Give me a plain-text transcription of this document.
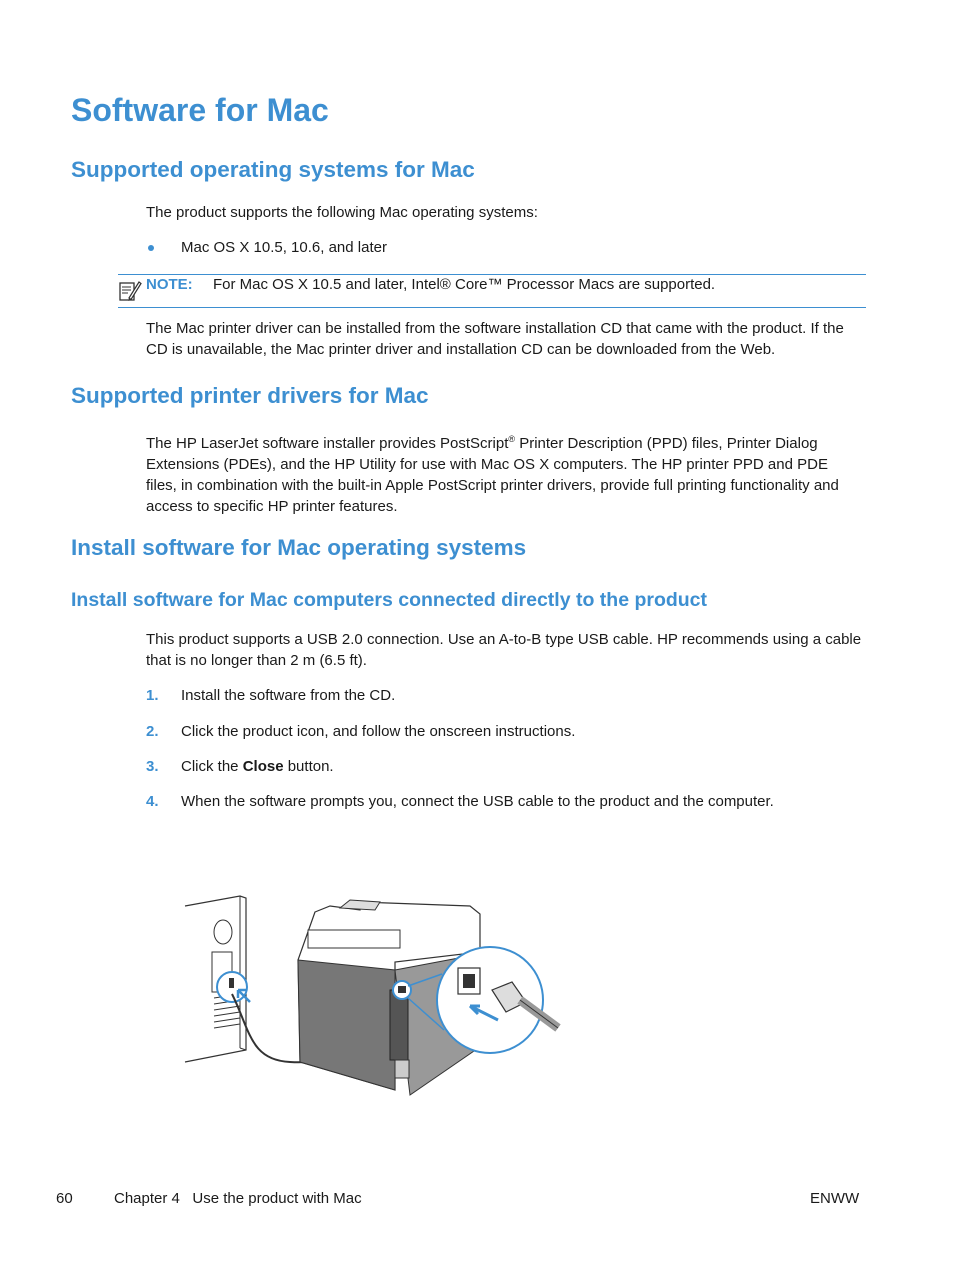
Software for Mac
Supported operating systems for Mac

The product supports the following Mac operating systems:

Mac OS X 10.5, 10.6, and later
NOTE: For Mac OS X 10.5 and later, Intel® Core™ Processor Macs are supported.

The Mac printer driver can be installed from the software installation CD that came with the product. If the CD is unavailable, the Mac printer driver and installation CD can be downloaded from the Web.

Supported printer drivers for Mac

The HP LaserJet software installer provides PostScript® Printer Description (PPD) files, Printer Dialog Extensions (PDEs), and the HP Utility for use with Mac OS X computers. The HP printer PPD and PDE files, in combination with the built-in Apple PostScript printer drivers, provide full printing functionality and access to specific HP printer features.

Install software for Mac operating systems
Install software for Mac computers connected directly to the product

This product supports a USB 2.0 connection. Use an A-to-B type USB cable. HP recommends using a cable that is no longer than 2 m (6.5 ft).

1. Install the software from the CD.
2. Click the product icon, and follow the onscreen instructions.
3. Click the Close button.
4. When the software prompts you, connect the USB cable to the product and the computer.
60	Chapter 4   Use the product with Mac	ENWW
